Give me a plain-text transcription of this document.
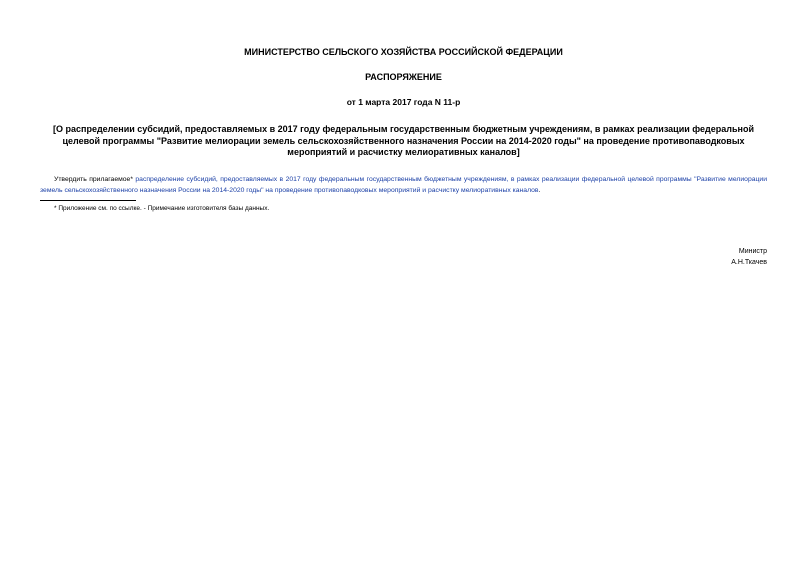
МИНИСТЕРСТВО СЕЛЬСКОГО ХОЗЯЙСТВА РОССИЙСКОЙ ФЕДЕРАЦИИ
РАСПОРЯЖЕНИЕ
от 1 марта 2017 года N 11-р
[О распределении субсидий, предоставляемых в 2017 году федеральным государственным бюджетным учреждениям, в рамках реализации федеральной целевой программы "Развитие мелиорации земель сельскохозяйственного назначения России на 2014-2020 годы" на проведение противопаводковых мероприятий и расчистку мелиоративных каналов]
Утвердить прилагаемое* распределение субсидий, предоставляемых в 2017 году федеральным государственным бюджетным учреждениям, в рамках реализации федеральной целевой программы "Развитие мелиорации земель сельскохозяйственного назначения России на 2014-2020 годы" на проведение противопаводковых мероприятий и расчистку мелиоративных каналов.
* Приложение см. по ссылке. - Примечание изготовителя базы данных.
Министр
А.Н.Ткачев
